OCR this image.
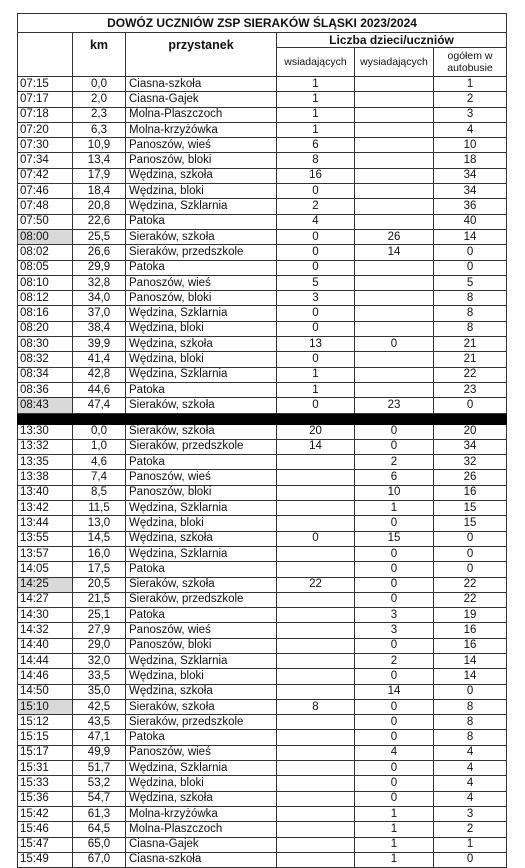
DOWÓZ UCZNIÓW ZSP SIERAKÓW ŚLĄSKI 2023/2024					
	km	przystanek	Liczba dzieci/uczniów		
			wsiadających	wysiadających	ogółem w autobusie
07:15	0,0	Ciasna-szkoła	1		1
07:17	2,0	Ciasna-Gajek	1		2
07:18	2,3	Molna-Plaszczoch	1		3
07:20	6,3	Molna-krzyżówka	1		4
07:30	10,9	Panoszów, wieś	6		10
07:34	13,4	Panoszów, bloki	8		18
07:42	17,9	Wędzina, szkoła	16		34
07:46	18,4	Wędzina, bloki	0		34
07:48	20,8	Wędzina, Szklarnia	2		36
07:50	22,6	Patoka	4		40
08:00	25,5	Sieraków, szkoła	0	26	14
08:02	26,6	Sieraków, przedszkole	0	14	0
08:05	29,9	Patoka	0		0
08:10	32,8	Panoszów, wieś	5		5
08:12	34,0	Panoszów, bloki	3		8
08:16	37,0	Wędzina, Szklarnia	0		8
08:20	38,4	Wędzina, bloki	0		8
08:30	39,9	Wędzina, szkoła	13	0	21
08:32	41,4	Wędzina, bloki	0		21
08:34	42,8	Wędzina, Szklarnia	1		22
08:36	44,6	Patoka	1		23
08:43	47,4	Sieraków, szkoła	0	23	0

13:30	0,0	Sieraków, szkoła	20	0	20
13:32	1,0	Sieraków, przedszkole	14	0	34
13:35	4,6	Patoka		2	32
13:38	7,4	Panoszów, wieś		6	26
13:40	8,5	Panoszów, bloki		10	16
13:42	11,5	Wędzina, Szklarnia		1	15
13:44	13,0	Wędzina, bloki		0	15
13:55	14,5	Wędzina, szkoła	0	15	0
13:57	16,0	Wędzina, Szklarnia		0	0
14:05	17,5	Patoka		0	0
14:25	20,5	Sieraków, szkoła	22	0	22
14:27	21,5	Sieraków, przedszkole		0	22
14:30	25,1	Patoka		3	19
14:32	27,9	Panoszów, wieś		3	16
14:40	29,0	Panoszów, bloki		0	16
14:44	32,0	Wędzina, Szklarnia		2	14
14:46	33,5	Wędzina, bloki		0	14
14:50	35,0	Wędzina, szkoła		14	0
15:10	42,5	Sieraków, szkoła	8	0	8
15:12	43,5	Sieraków, przedszkole		0	8
15:15	47,1	Patoka		0	8
15:17	49,9	Panoszów, wieś		4	4
15:31	51,7	Wędzina, Szklarnia		0	4
15:33	53,2	Wędzina, bloki		0	4
15:36	54,7	Wędzina, szkoła		0	4
15:42	61,3	Molna-krzyżówka		1	3
15:46	64,5	Molna-Plaszczoch		1	2
15:47	65,0	Ciasna-Gajek		1	1
15:49	67,0	Ciasna-szkoła		1	0
